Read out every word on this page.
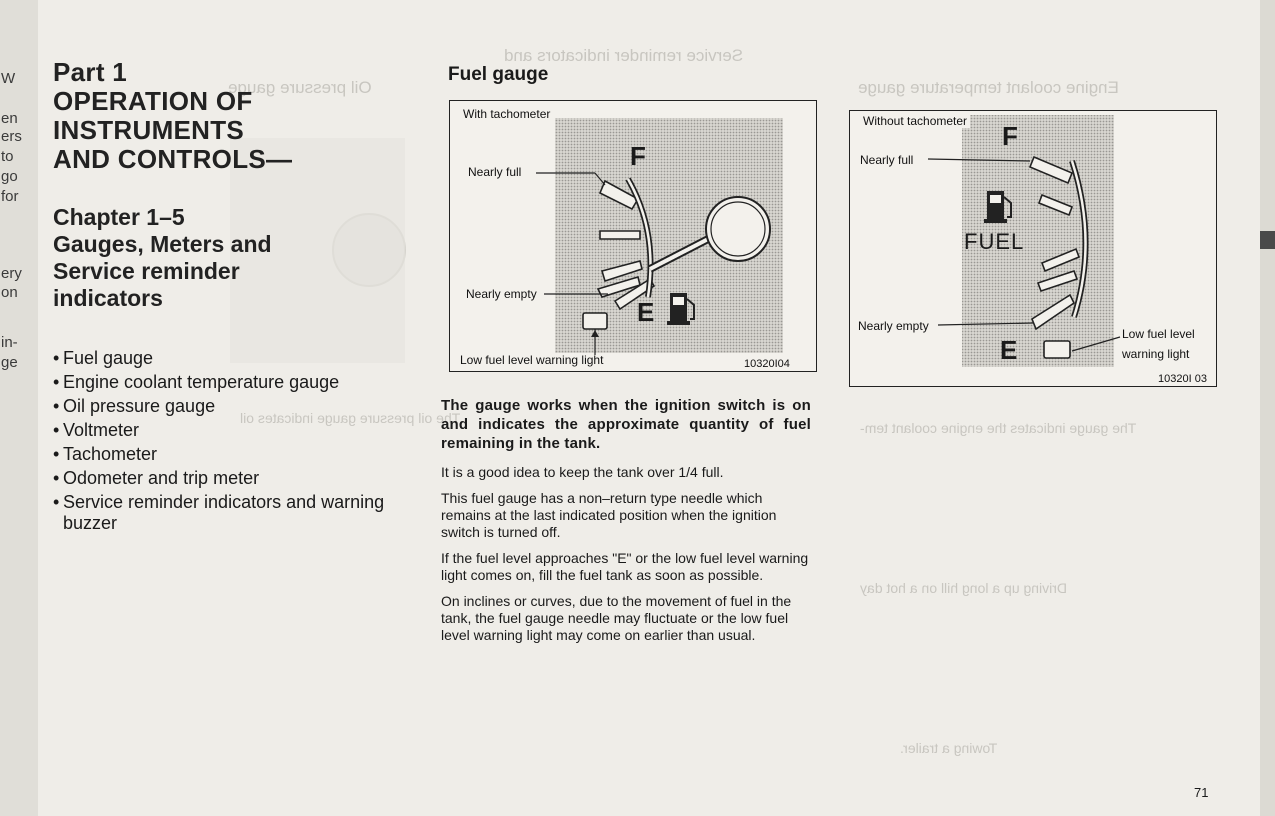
W
en
ers
to
go
for
ery
on
in-
ge
Oil pressure gauge
Service reminder indicators and
Engine coolant temperature gauge
The oil pressure gauge indicates oil
The gauge indicates the engine coolant tem-
Driving up a long hill on a hot day
Towing a trailer.
Part 1
OPERATION OF
INSTRUMENTS
AND CONTROLS—
Chapter 1–5
Gauges, Meters and
Service reminder
indicators
• Fuel gauge
• Engine coolant temperature gauge
• Oil pressure gauge
• Voltmeter
• Tachometer
• Odometer and trip meter
• Service reminder indicators and warning buzzer
Fuel gauge
With tachometer
Nearly full
Nearly empty
Low fuel level warning light	10320I04
F
E
Without tachometer
Nearly full
Nearly empty
Low fuel level
warning light
10320I 03
F
E
FUEL

The gauge works when the ignition switch is on and indicates the approximate quantity of fuel remaining in the tank.

It is a good idea to keep the tank over 1/4 full.

This fuel gauge has a non–return type needle which remains at the last indicated position when the ignition switch is turned off.

If the fuel level approaches "E" or the low fuel level warning light comes on, fill the fuel tank as soon as possible.

On inclines or curves, due to the movement of fuel in the tank, the fuel gauge needle may fluctuate or the low fuel level warning light may come on earlier than usual.

71
